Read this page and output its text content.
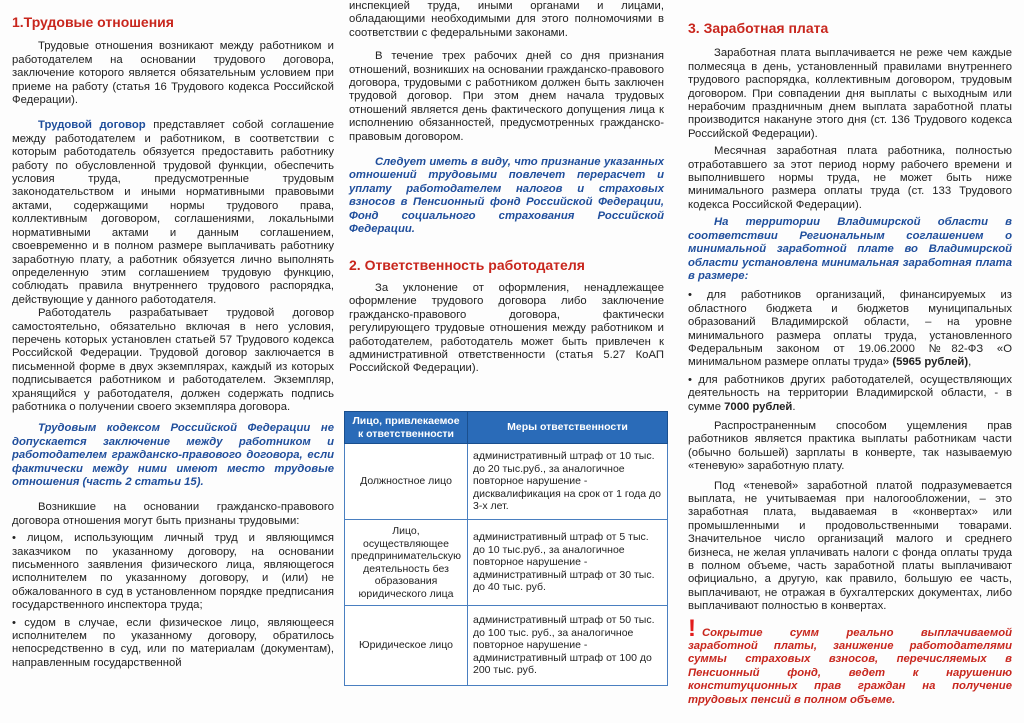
1.Трудовые отношения

Трудовые отношения возникают между работником и работодателем на основании трудового договора, заключение которого является обязательным условием при приеме на работу (статья 16 Трудового кодекса Российской Федерации).

Трудовой договор представляет собой соглашение между работодателем и работником, в соответствии с которым работодатель обязуется предоставить работнику работу по обусловленной трудовой функции, обеспечить условия труда, предусмотренные трудовым законодательством и иными нормативными правовыми актами, содержащими нормы трудового права, коллективным договором, соглашениями, локальными нормативными актами и данным соглашением, своевременно и в полном размере выплачивать работнику заработную плату, а работник обязуется лично выполнять определенную этим соглашением трудовую функцию, соблюдать правила внутреннего трудового распорядка, действующие у данного работодателя.

Работодатель разрабатывает трудовой договор самостоятельно, обязательно включая в него условия, перечень которых установлен статьей 57 Трудового кодекса Российской Федерации. Трудовой договор заключается в письменной форме в двух экземплярах, каждый из которых подписывается работником и работодателем. Экземпляр, хранящийся у работодателя, должен содержать подпись работника о получении своего экземпляра договора.

Трудовым кодексом Российской Федерации не допускается заключение между работником и работодателем гражданско-правового договора, если фактически между ними имеют место трудовые отношения (часть 2 статьи 15).

Возникшие на основании гражданско-правового договора отношения могут быть признаны трудовыми:

• лицом, использующим личный труд и являющимся заказчиком по указанному договору, на основании письменного заявления физического лица, являющегося исполнителем по указанному договору, и (или) не обжалованного в суд в установленном порядке предписания государственного инспектора труда;

• судом в случае, если физическое лицо, являющееся исполнителем по указанному договору, обратилось непосредственно в суд, или по материалам (документам), направленным государственной

инспекцией труда, иными органами и лицами, обладающими необходимыми для этого полномочиями в соответствии с федеральными законами.

В течение трех рабочих дней со дня признания отношений, возникших на основании гражданско-правового договора, трудовыми с работником должен быть заключен трудовой договор. При этом днем начала трудовых отношений является день фактического допущения лица к исполнению обязанностей, предусмотренных гражданско-правовым договором.

Следует иметь в виду, что признание указанных отношений трудовыми повлечет перерасчет и уплату работодателем налогов и страховых взносов в Пенсионный фонд Российской Федерации, Фонд социального страхования Российской Федерации.

2. Ответственность работодателя

За уклонение от оформления, ненадлежащее оформление трудового договора либо заключение гражданско-правового договора, фактически регулирующего трудовые отношения между работником и работодателем, работодатель может быть привлечен к административной ответственности (статья 5.27 КоАП Российской Федерации).

Лицо, привлекаемое к ответственности	Меры ответственности
Должностное лицо	административный штраф от 10 тыс. до 20 тыс.руб., за аналогичное повторное нарушение - дисквалификация на срок от 1 года до 3-х лет.
Лицо, осуществляющее предпринимательскую деятельность без образования юридического лица	административный штраф от 5 тыс. до 10 тыс.руб., за аналогичное повторное нарушение - административный штраф от 30 тыс. до 40 тыс. руб.
Юридическое лицо	административный штраф от 50 тыс. до 100 тыс. руб., за аналогичное повторное нарушение - административный штраф от 100 до 200 тыс. руб.

3. Заработная плата

Заработная плата выплачивается не реже чем каждые полмесяца в день, установленный правилами внутреннего трудового распорядка, коллективным договором, трудовым договором. При совпадении дня выплаты с выходным или нерабочим праздничным днем выплата заработной платы производится накануне этого дня (ст. 136 Трудового кодекса Российской Федерации).

Месячная заработная плата работника, полностью отработавшего за этот период норму рабочего времени и выполнившего нормы труда, не может быть ниже минимального размера оплаты труда (ст. 133 Трудового кодекса Российской Федерации).

На территории Владимирской области в соответствии Региональным соглашением о минимальной заработной плате во Владимирской области установлена минимальная заработная плата в размере:

• для работников организаций, финансируемых из областного бюджета и бюджетов муниципальных образований Владимирской области, – на уровне минимального размера оплаты труда, установленного Федеральным законом от 19.06.2000 №82-ФЗ «О минимальном размере оплаты труда» (5965 рублей),

• для работников других работодателей, осуществляющих деятельность на территории Владимирской области, - в сумме 7000 рублей.

Распространенным способом ущемления прав работников является практика выплаты работникам части (обычно большей) зарплаты в конверте, так называемую «теневую» заработную плату.

Под «теневой» заработной платой подразумевается выплата, не учитываемая при налогообложении, – это заработная плата, выдаваемая в «конвертах» или промышленными и продовольственными товарами. Значительное число организаций малого и среднего бизнеса, не желая уплачивать налоги с фонда оплаты труда в полном объеме, часть заработной платы выплачивают официально, а другую, как правило, большую ее часть, выплачивают, не отражая в бухгалтерских документах, либо выплачивают полностью в конвертах.

! Сокрытие сумм реально выплачиваемой заработной платы, занижение работодателями суммы страховых взносов, перечисляемых в Пенсионный фонд, ведет к нарушению конституционных прав граждан на получение трудовых пенсий в полном объеме.
